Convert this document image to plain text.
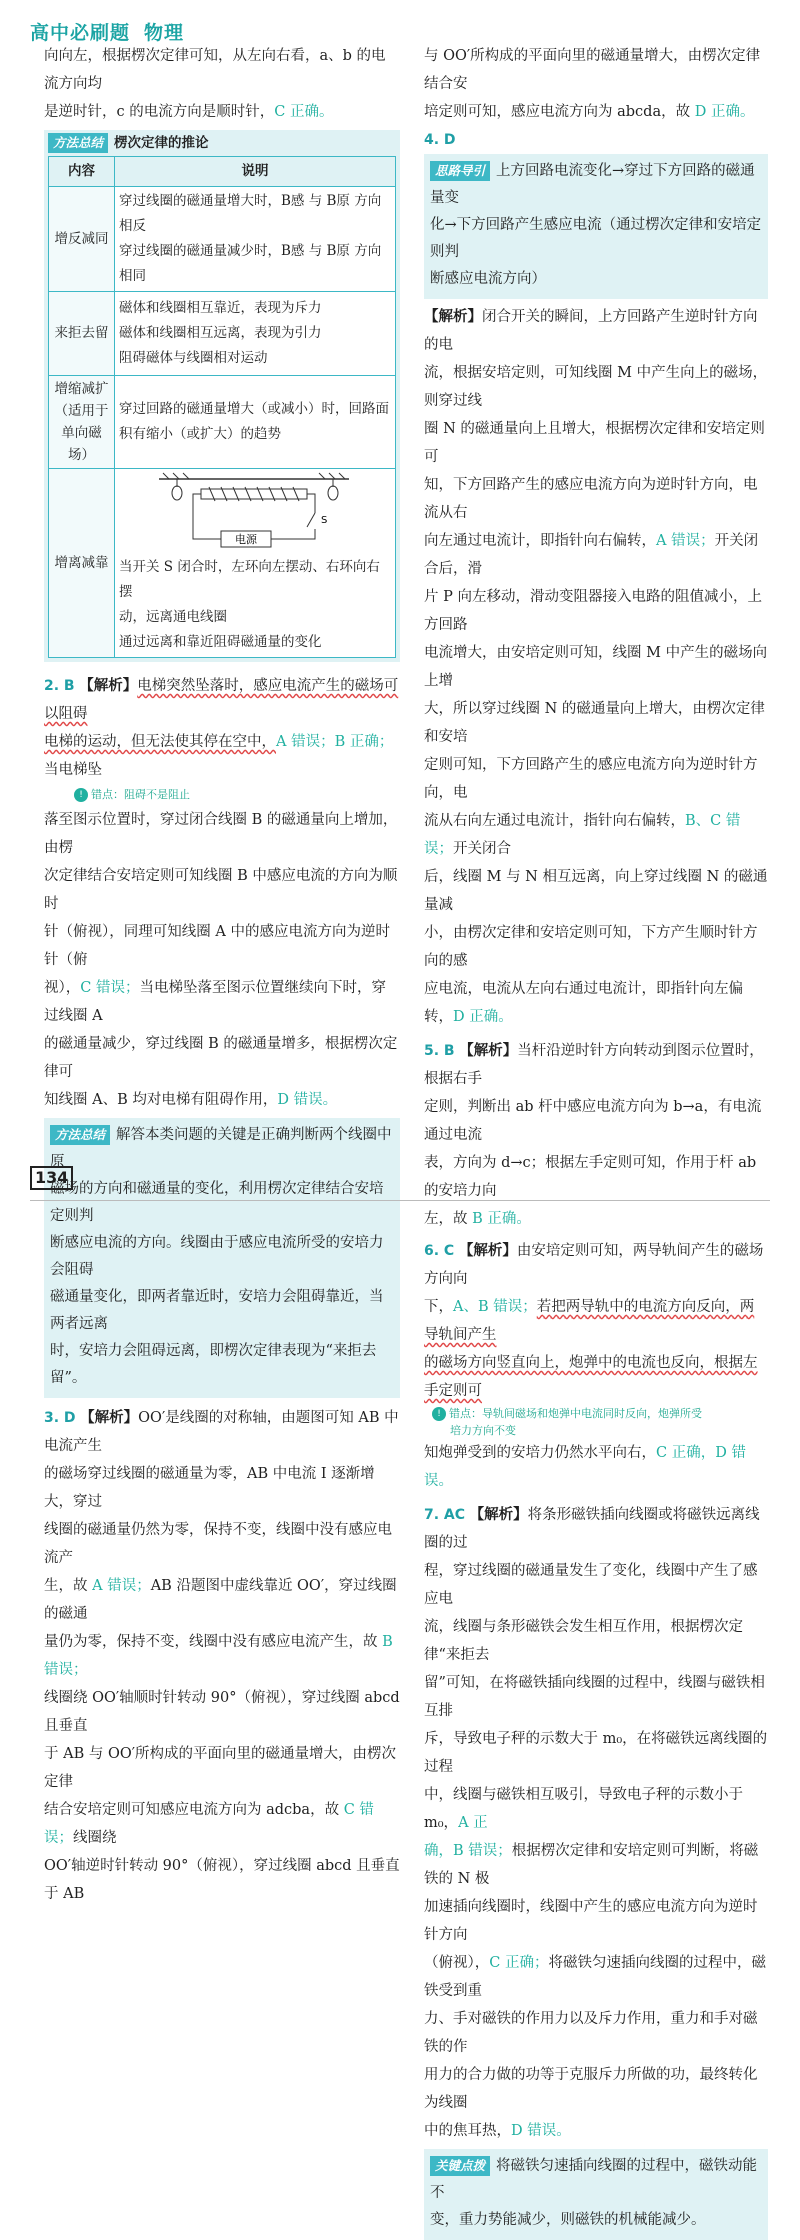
高中必刷题 物理

向向左，根据楞次定律可知，从左向右看，a、b 的电流方向均

是逆时针，c 的电流方向是顺时针，C 正确。

方法总结 楞次定律的推论
内容	说明
增反减同	穿过线圈的磁通量增大时，B感 与 B原 方向相反
穿过线圈的磁通量减少时，B感 与 B原 方向相同

来拒去留	磁体和线圈相互靠近，表现为斥力
磁体和线圈相互远离，表现为引力
阻碍磁体与线圈相对运动

增缩减扩（适用于单向磁场）	穿过回路的磁通量增大（或减小）时，回路面
积有缩小（或扩大）的趋势

增离减靠	电源
S
当开关 S 闭合时，左环向左摆动、右环向右摆
动，远离通电线圈
通过远离和靠近阻碍磁通量的变化

2. B 【解析】电梯突然坠落时，感应电流产生的磁场可以阻碍

电梯的运动，但无法使其停在空中，A 错误；B 正确；当电梯坠

! 错点：阻碍不是阻止

落至图示位置时，穿过闭合线圈 B 的磁通量向上增加，由楞

次定律结合安培定则可知线圈 B 中感应电流的方向为顺时

针（俯视），同理可知线圈 A 中的感应电流方向为逆时针（俯

视），C 错误；当电梯坠落至图示位置继续向下时，穿过线圈 A

的磁通量减少，穿过线圈 B 的磁通量增多，根据楞次定律可

知线圈 A、B 均对电梯有阻碍作用，D 错误。

方法总结 解答本类问题的关键是正确判断两个线圈中原

磁场的方向和磁通量的变化，利用楞次定律结合安培定则判

断感应电流的方向。线圈由于感应电流所受的安培力会阻碍

磁通量变化，即两者靠近时，安培力会阻碍靠近，当两者远离

时，安培力会阻碍远离，即楞次定律表现为“来拒去留”。

3. D 【解析】OO′是线圈的对称轴，由题图可知 AB 中电流产生

的磁场穿过线圈的磁通量为零，AB 中电流 I 逐渐增大，穿过

线圈的磁通量仍然为零，保持不变，线圈中没有感应电流产

生，故 A 错误；AB 沿题图中虚线靠近 OO′，穿过线圈的磁通

量仍为零，保持不变，线圈中没有感应电流产生，故 B 错误；

线圈绕 OO′轴顺时针转动 90°（俯视），穿过线圈 abcd 且垂直

于 AB 与 OO′所构成的平面向里的磁通量增大，由楞次定律

结合安培定则可知感应电流方向为 adcba，故 C 错误；线圈绕

OO′轴逆时针转动 90°（俯视），穿过线圈 abcd 且垂直于 AB

与 OO′所构成的平面向里的磁通量增大，由楞次定律结合安

培定则可知，感应电流方向为 abcda，故 D 正确。

4. D

思路导引 上方回路电流变化→穿过下方回路的磁通量变

化→下方回路产生感应电流（通过楞次定律和安培定则判

断感应电流方向）

【解析】闭合开关的瞬间，上方回路产生逆时针方向的电

流，根据安培定则，可知线圈 M 中产生向上的磁场，则穿过线

圈 N 的磁通量向上且增大，根据楞次定律和安培定则可

知，下方回路产生的感应电流方向为逆时针方向，电流从右

向左通过电流计，即指针向右偏转，A 错误；开关闭合后，滑

片 P 向左移动，滑动变阻器接入电路的阻值减小，上方回路

电流增大，由安培定则可知，线圈 M 中产生的磁场向上增

大，所以穿过线圈 N 的磁通量向上增大，由楞次定律和安培

定则可知，下方回路产生的感应电流方向为逆时针方向，电

流从右向左通过电流计，指针向右偏转，B、C 错误；开关闭合

后，线圈 M 与 N 相互远离，向上穿过线圈 N 的磁通量减

小，由楞次定律和安培定则可知，下方产生顺时针方向的感

应电流，电流从左向右通过电流计，即指针向左偏转，D 正确。

5. B 【解析】当杆沿逆时针方向转动到图示位置时，根据右手

定则，判断出 ab 杆中感应电流方向为 b→a，有电流通过电流

表，方向为 d→c；根据左手定则可知，作用于杆 ab 的安培力向

左，故 B 正确。

6. C 【解析】由安培定则可知，两导轨间产生的磁场方向向

下，A、B 错误；若把两导轨中的电流方向反向，两导轨间产生

的磁场方向竖直向上，炮弹中的电流也反向，根据左手定则可

! 错点：导轨间磁场和炮弹中电流同时反向，炮弹所受
培力方向不变

知炮弹受到的安培力仍然水平向右，C 正确，D 错误。

7. AC 【解析】将条形磁铁插向线圈或将磁铁远离线圈的过

程，穿过线圈的磁通量发生了变化，线圈中产生了感应电

流，线圈与条形磁铁会发生相互作用，根据楞次定律“来拒去

留”可知，在将磁铁插向线圈的过程中，线圈与磁铁相互排

斥，导致电子秤的示数大于 m₀，在将磁铁远离线圈的过程

中，线圈与磁铁相互吸引，导致电子秤的示数小于 m₀，A 正

确，B 错误；根据楞次定律和安培定则可判断，将磁铁的 N 极

加速插向线圈时，线圈中产生的感应电流方向为逆时针方向

（俯视），C 正确；将磁铁匀速插向线圈的过程中，磁铁受到重

力、手对磁铁的作用力以及斥力作用，重力和手对磁铁的作

用力的合力做的功等于克服斥力所做的功，最终转化为线圈

中的焦耳热，D 错误。

关键点拨 将磁铁匀速插向线圈的过程中，磁铁动能不

变，重力势能减少，则磁铁的机械能减少。

134
